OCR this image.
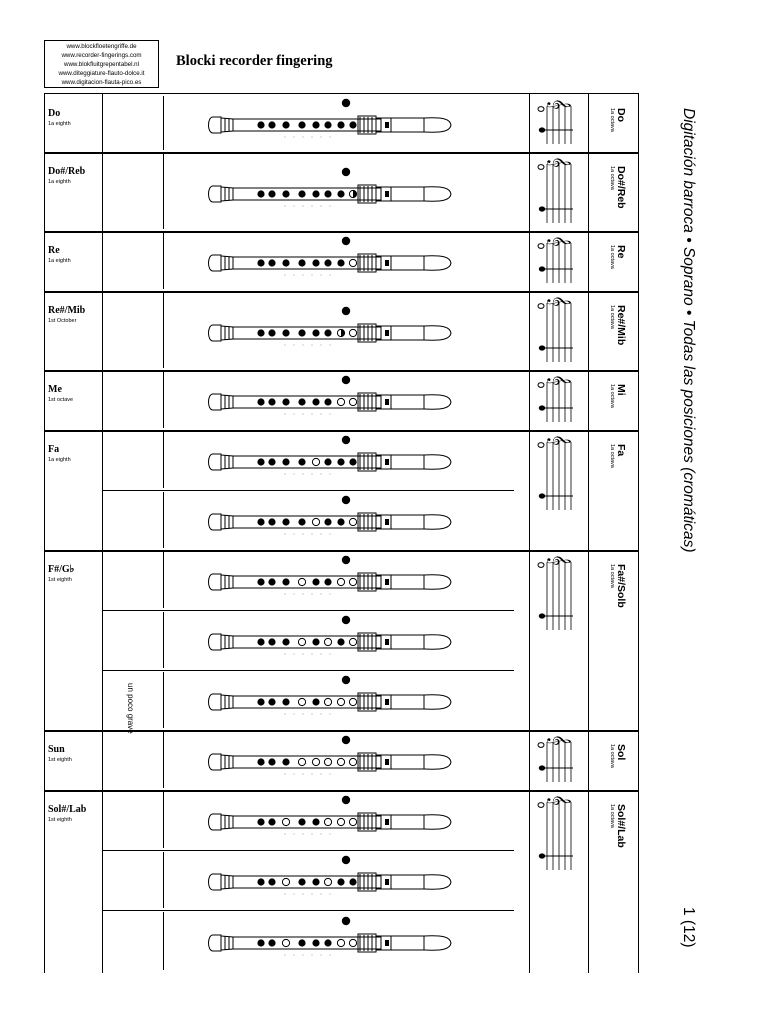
www.blockfloetengriffe.de
www.recorder-fingerings.com
www.blokfluitgrepentabel.nl
www.diteggiature-flauto-dolce.it
www.digitacion-flauta-pico.es
Blocki recorder fingering
Do
1a eighth
𝄞
Do
1a octava
Do#/Reb
1a eighth
𝄞
Do#/Reb
1a octava
Re
1a eighth
𝄞
Re
1a octava
Re#/Mib
1st October
𝄞
Re#/Mib
1a octava
Me
1st octave
𝄞
Mi
1a octava
Fa
1a eighth
𝄞
Fa
1a octava
F#/G♭
1st eighth
𝄞
Fa#/Solb
1a octava
un poco grave
Sun
1st eighth
𝄞
Sol
1a octava
Sol#/Lab
1st eighth
𝄞
Sol#/Lab
1a octava
Digitación barroca • Soprano • Todas las posiciones (cromáticas)
1 (12)
